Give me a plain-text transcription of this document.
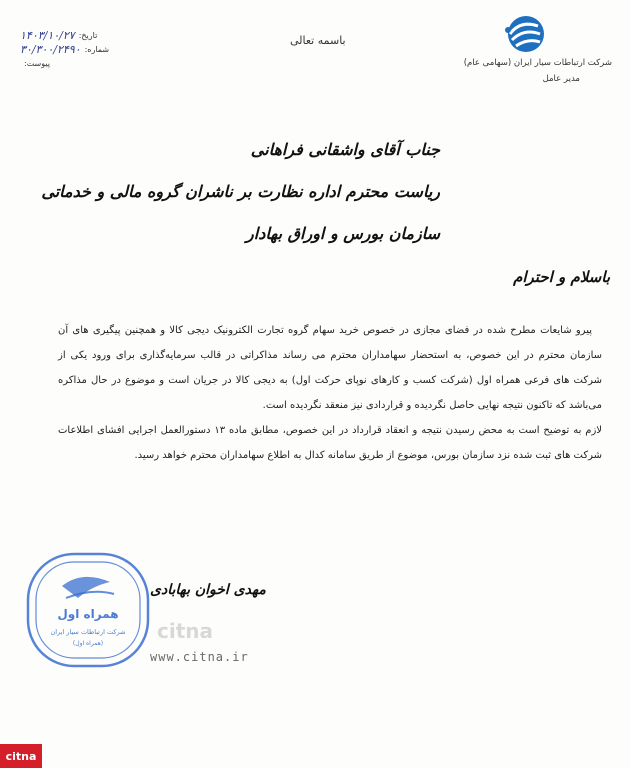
شرکت ارتباطات سیار ایران (سهامی عام)
مدیر عامل
باسمه تعالی
تاریخ:
۱۴۰۳/۱۰/۲۷
شماره:
۳۰/۳۰۰/۲۴۹۰
پیوست:
جناب آقای واشقانی فراهانی
ریاست محترم اداره نظارت بر ناشران گروه مالی و خدماتی
سازمان بورس و اوراق بهادار
باسلام و احترام

پیرو شایعات مطرح شده در فضای مجازی در خصوص خرید سهام گروه تجارت الکترونیک دیجی کالا و همچنین پیگیری های آن سازمان محترم در این خصوص، به استحضار سهامداران محترم می رساند مذاکراتی در قالب سرمایه‌گذاری برای ورود یکی از شرکت های فرعی همراه اول (شرکت کسب و کارهای نوپای حرکت اول) به دیجی کالا در جریان است و موضوع در حال مذاکره می‌باشد که تاکنون نتیجه نهایی حاصل نگردیده و قراردادی نیز منعقد نگردیده است.

لازم به توضیح است به محض رسیدن نتیجه و انعقاد قرارداد در این خصوص، مطابق ماده ۱۳ دستورالعمل اجرایی افشای اطلاعات شرکت های ثبت شده نزد سازمان بورس، موضوع از طریق سامانه کدال به اطلاع سهامداران محترم خواهد رسید.

مهدی اخوان بهابادی
همراه اول
شرکت ارتباطات سیار ایران
(همراه اول)
citna
www.citna.ir
citna
